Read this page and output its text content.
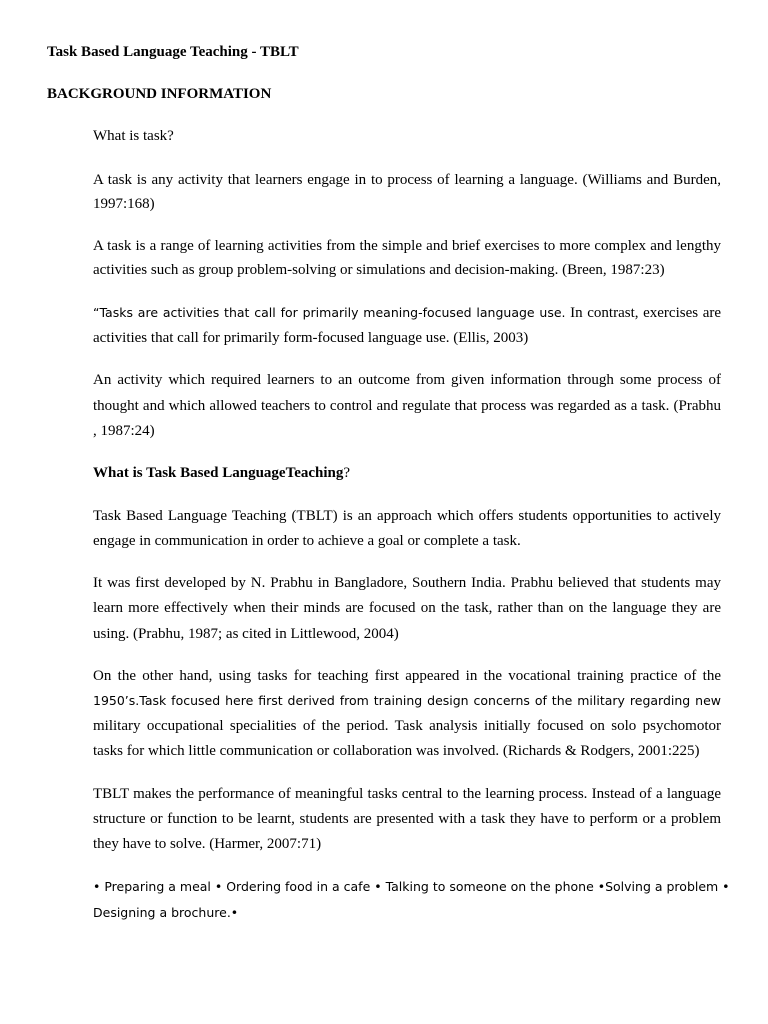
Task Based Language Teaching - TBLT
BACKGROUND INFORMATION
What is task?
A task is any activity that learners engage in to process of learning a language. (Williams and Burden,
1997:168)
A task is a range of learning activities from the simple and brief exercises to more complex and lengthy
activities such as group problem-solving or simulations and decision-making. (Breen, 1987:23)
“Tasks are activities that call for primarily meaning-focused language use. In contrast, exercises are
activities that call for primarily form-focused language use. (Ellis, 2003)
An activity which required learners to an outcome from given information through some process of
thought and which allowed teachers to control and regulate that process was regarded as a task. (Prabhu
, 1987:24)
What is Task Based LanguageTeaching?
Task Based Language Teaching (TBLT) is an approach which offers students opportunities to actively
engage in communication in order to achieve a goal or complete a task.
It was first developed by N. Prabhu in Bangladore, Southern India. Prabhu believed that students may
learn more effectively when their minds are focused on the task, rather than on the language they are
using. (Prabhu, 1987; as cited in Littlewood, 2004)
On the other hand, using tasks for teaching first appeared in the vocational training practice of the
1950’s.Task focused here first derived from training design concerns of the military regarding new
military occupational specialities of the period. Task analysis initially focused on solo psychomotor
tasks for which little communication or collaboration was involved. (Richards & Rodgers, 2001:225)
TBLT makes the performance of meaningful tasks central to the learning process. Instead of a language
structure or function to be learnt, students are presented with a task they have to perform or a problem
they have to solve. (Harmer, 2007:71)
• Preparing a meal • Ordering food in a cafe • Talking to someone on the phone •Solving a problem •
Designing a brochure.•
